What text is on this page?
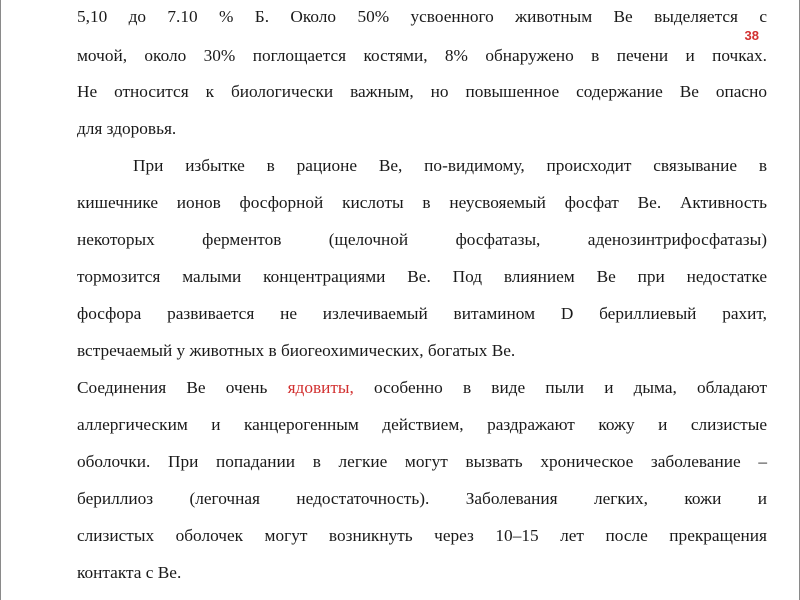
38
5,10 до 7.10 % Б. Около 50% усвоенного животным Be выделяется с
мочой, около 30% поглощается костями, 8% обнаружено в печени и почках.
Не относится к биологически важным, но повышенное содержание Be опасно
для здоровья.
При избытке в рационе Be, по-видимому, происходит связывание в
кишечнике ионов фосфорной кислоты в неусвояемый фосфат Be. Активность
некоторых ферментов (щелочной фосфатазы, аденозинтрифосфатазы)
тормозится малыми концентрациями Be. Под влиянием Be при недостатке
фосфора развивается не излечиваемый витамином D бериллиевый рахит,
встречаемый у животных в биогеохимических, богатых Be.
Соединения Be очень ядовиты, особенно в виде пыли и дыма, обладают
аллергическим и канцерогенным действием, раздражают кожу и слизистые
оболочки. При попадании в легкие могут вызвать хроническое заболевание –
бериллиоз (легочная недостаточность). Заболевания легких, кожи и
слизистых оболочек могут возникнуть через 10–15 лет после прекращения
контакта с Be.
